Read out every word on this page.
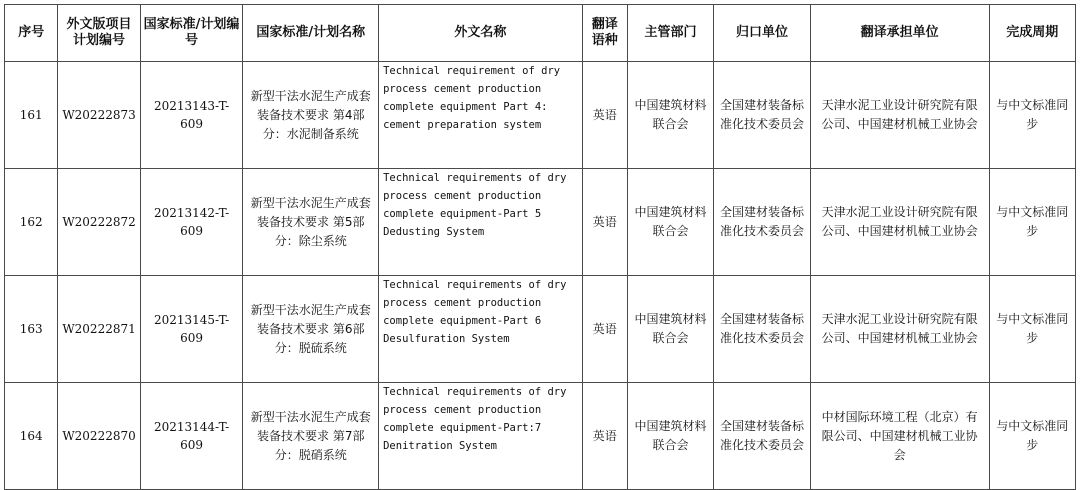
序号	外文版项目计划编号	国家标准/计划编号	国家标准/计划名称	外文名称	翻译语种	主管部门	归口单位	翻译承担单位	完成周期
161	W20222873	20213143-T-609	新型干法水泥生产成套装备技术要求 第4部分：水泥制备系统	Technical requirement of dry process cement production complete equipment Part 4: cement preparation system	英语	中国建筑材料联合会	全国建材装备标准化技术委员会	天津水泥工业设计研究院有限公司、中国建材机械工业协会	与中文标准同步
162	W20222872	20213142-T-609	新型干法水泥生产成套装备技术要求 第5部分：除尘系统	Technical requirements of dry process cement production complete equipment-Part 5 Dedusting System	英语	中国建筑材料联合会	全国建材装备标准化技术委员会	天津水泥工业设计研究院有限公司、中国建材机械工业协会	与中文标准同步
163	W20222871	20213145-T-609	新型干法水泥生产成套装备技术要求 第6部分：脱硫系统	Technical requirements of dry process cement production complete equipment-Part 6 Desulfuration System	英语	中国建筑材料联合会	全国建材装备标准化技术委员会	天津水泥工业设计研究院有限公司、中国建材机械工业协会	与中文标准同步
164	W20222870	20213144-T-609	新型干法水泥生产成套装备技术要求 第7部分：脱硝系统	Technical requirements of dry process cement production complete equipment-Part:7 Denitration System	英语	中国建筑材料联合会	全国建材装备标准化技术委员会	中材国际环境工程（北京）有限公司、中国建材机械工业协会	与中文标准同步
